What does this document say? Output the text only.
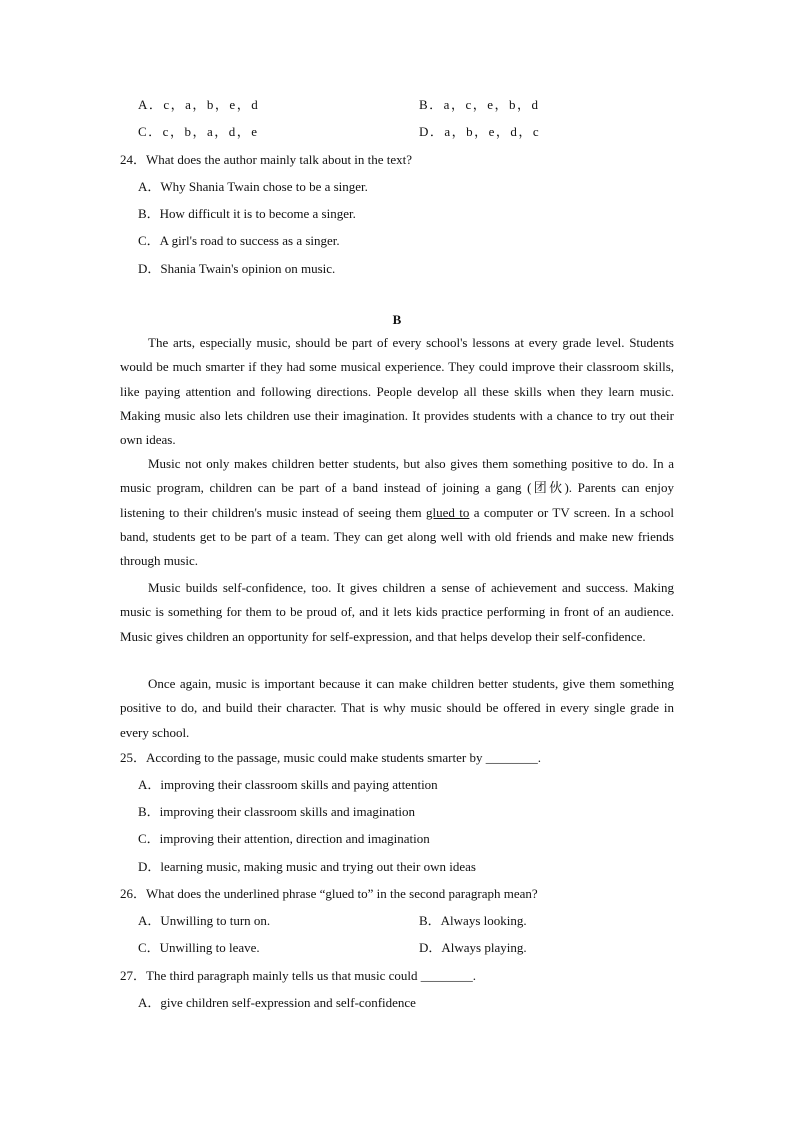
A．c，a，b，e，d	B．a，c，e，b，d
C．c，b，a，d，e	D．a，b，e，d，c
24．What does the author mainly talk about in the text?
A．Why Shania Twain chose to be a singer.
B．How difficult it is to become a singer.
C．A girl's road to success as a singer.
D．Shania Twain's opinion on music.
B
The arts, especially music, should be part of every school's lessons at every grade level. Students would be much smarter if they had some musical experience. They could improve their classroom skills, like paying attention and following directions. People develop all these skills when they learn music. Making music also lets children use their imagination. It provides students with a chance to try out their own ideas.
Music not only makes children better students, but also gives them something positive to do. In a music program, children can be part of a band instead of joining a gang (团伙). Parents can enjoy listening to their children's music instead of seeing them glued to a computer or TV screen. In a school band, students get to be part of a team. They can get along well with old friends and make new friends through music.
Music builds self-confidence, too. It gives children a sense of achievement and success. Making music is something for them to be proud of, and it lets kids practice performing in front of an audience. Music gives children an opportunity for self-expression, and that helps develop their self-confidence.
Once again, music is important because it can make children better students, give them something positive to do, and build their character. That is why music should be offered in every single grade in every school.
25．According to the passage, music could make students smarter by ________.
A．improving their classroom skills and paying attention
B．improving their classroom skills and imagination
C．improving their attention, direction and imagination
D．learning music, making music and trying out their own ideas
26．What does the underlined phrase “glued to” in the second paragraph mean?
A．Unwilling to turn on.	B．Always looking.
C．Unwilling to leave.	D．Always playing.
27．The third paragraph mainly tells us that music could ________.
A．give children self-expression and self-confidence
